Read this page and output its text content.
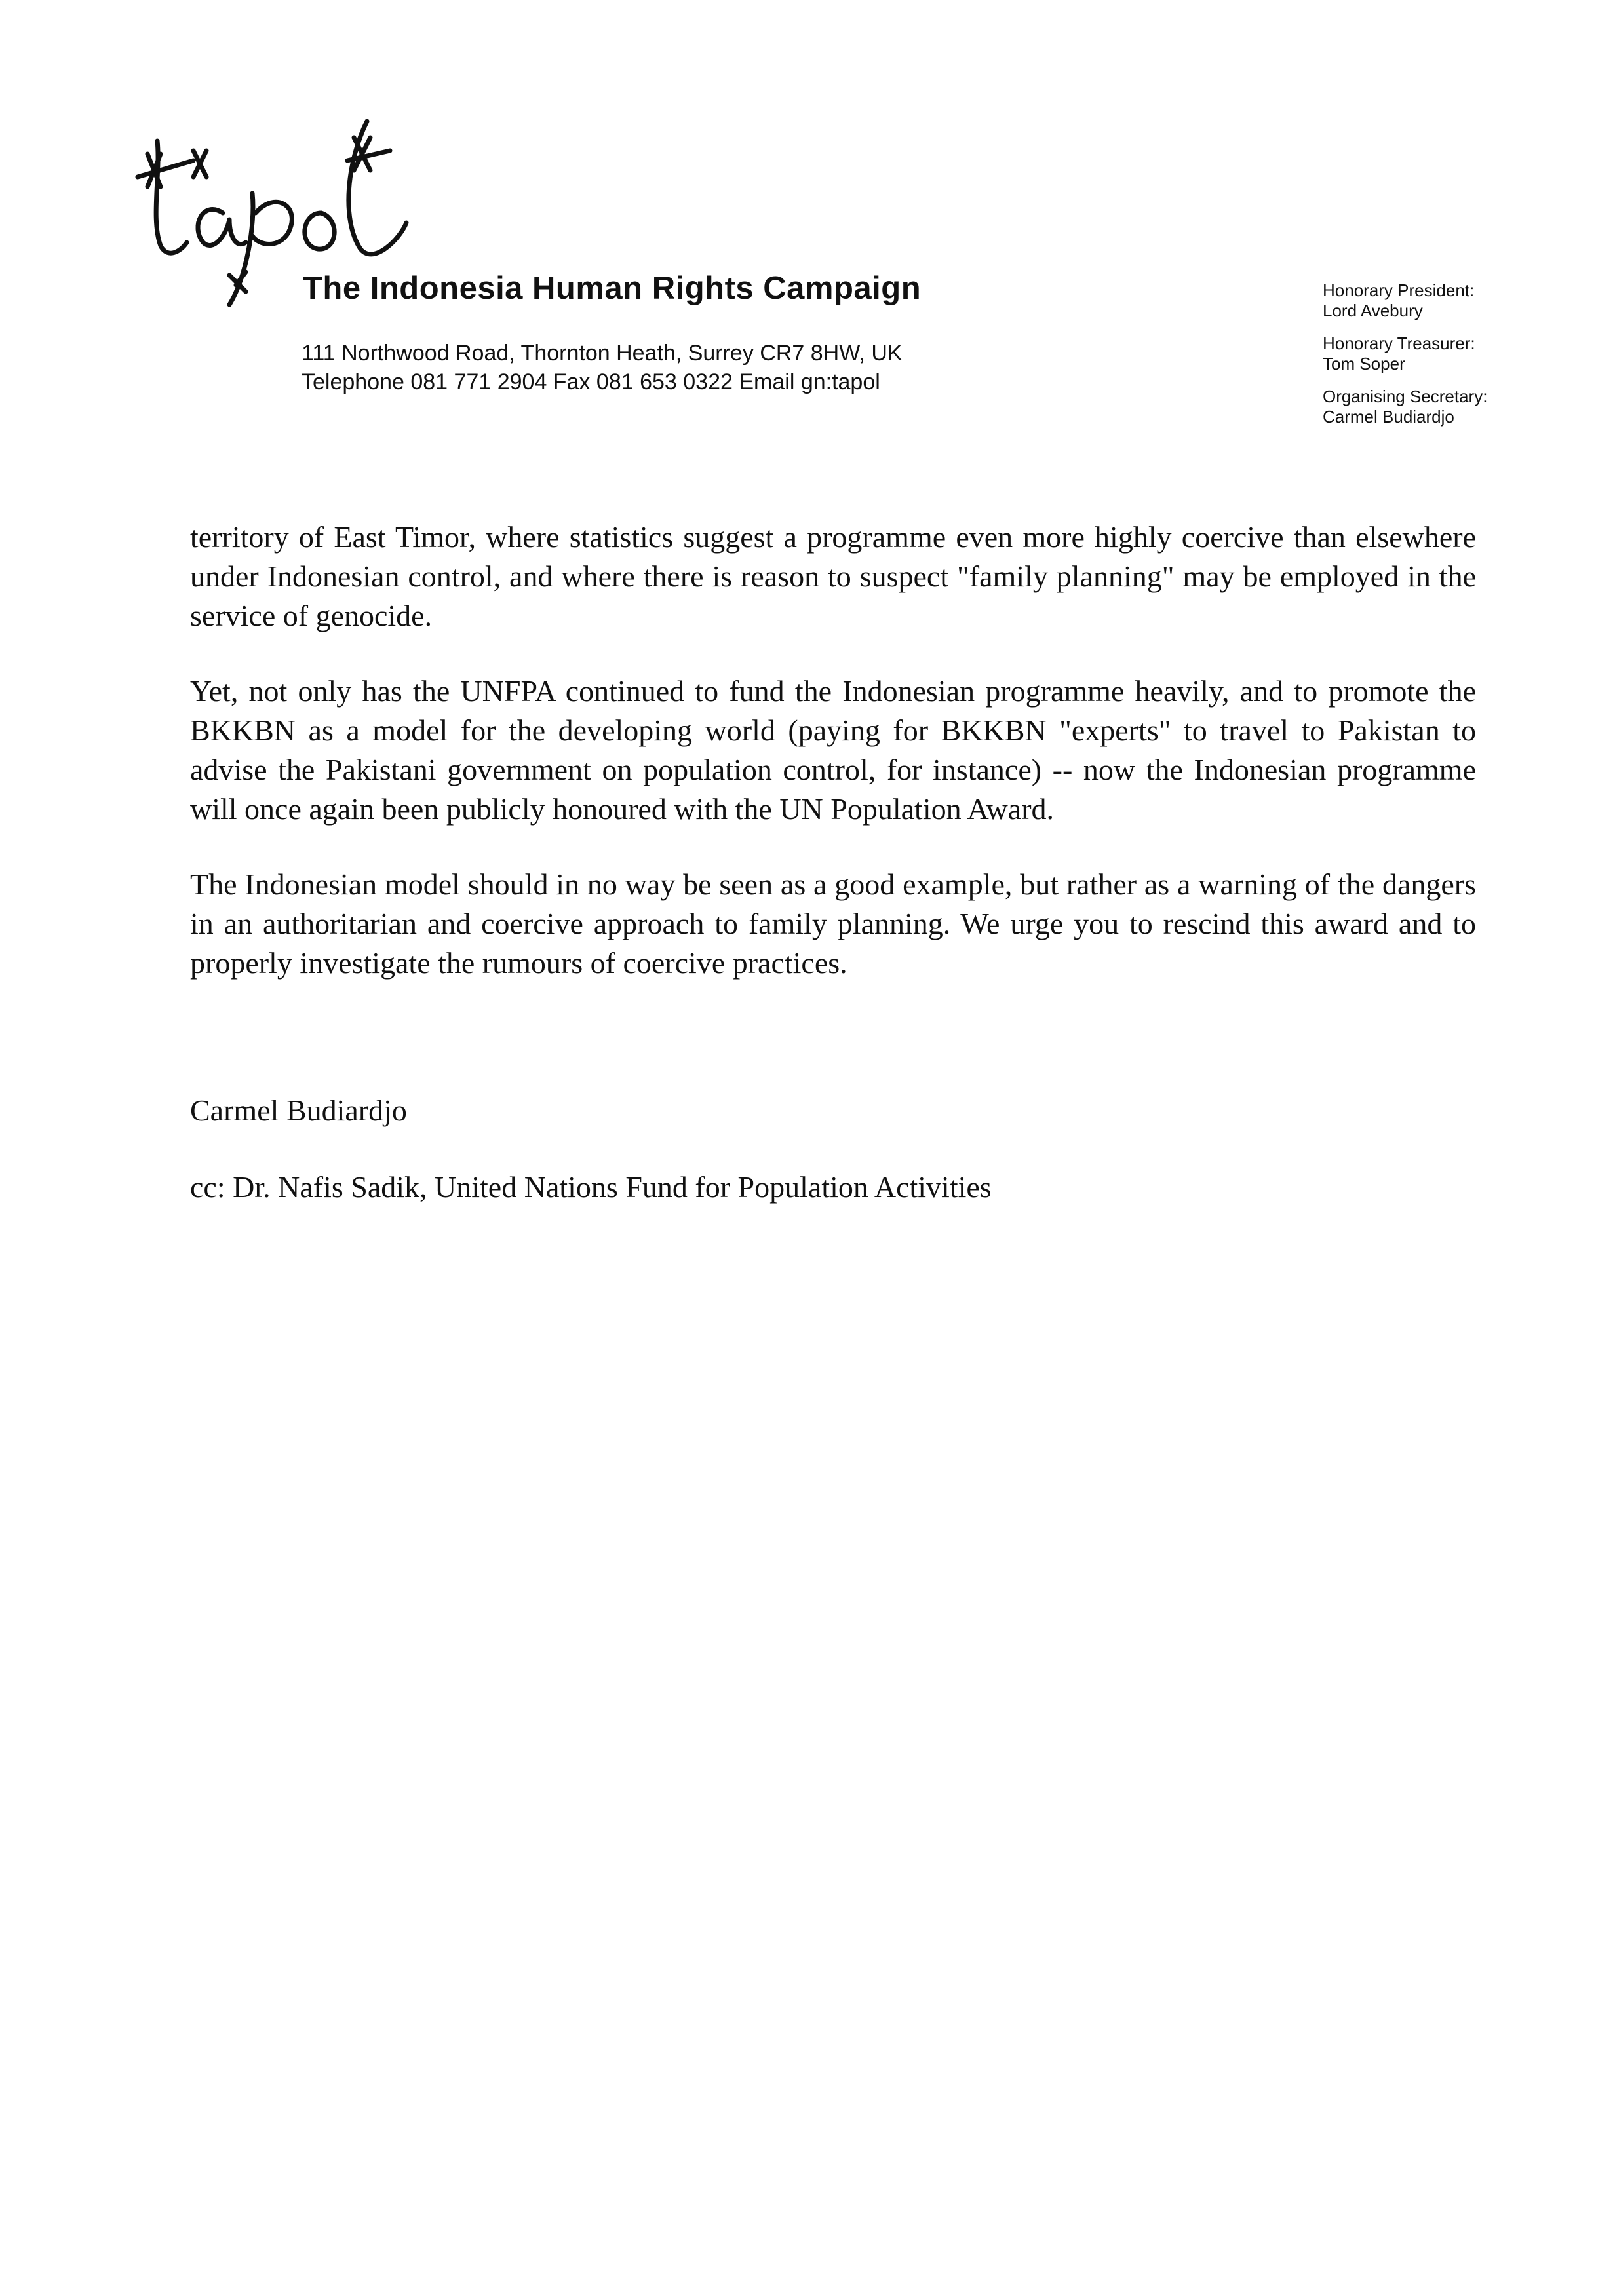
The Indonesia Human Rights Campaign
111 Northwood Road, Thornton Heath, Surrey CR7 8HW, UK
Telephone 081 771 2904 Fax 081 653 0322 Email gn:tapol
Honorary President:
Lord Avebury
Honorary Treasurer:
Tom Soper
Organising Secretary:
Carmel Budiardjo

territory of East Timor, where statistics suggest a programme even more highly coercive than elsewhere under Indonesian control, and where there is reason to suspect "family planning" may be employed in the service of genocide.

Yet, not only has the UNFPA continued to fund the Indonesian programme heavily, and to promote the BKKBN as a model for the developing world (paying for BKKBN "experts" to travel to Pakistan to advise the Pakistani government on population control, for instance) -- now the Indonesian programme will once again been publicly honoured with the UN Population Award.

The Indonesian model should in no way be seen as a good example, but rather as a warning of the dangers in an authoritarian and coercive approach to family planning. We urge you to rescind this award and to properly investigate the rumours of coercive practices.

Carmel Budiardjo
cc: Dr. Nafis Sadik, United Nations Fund for Population Activities
